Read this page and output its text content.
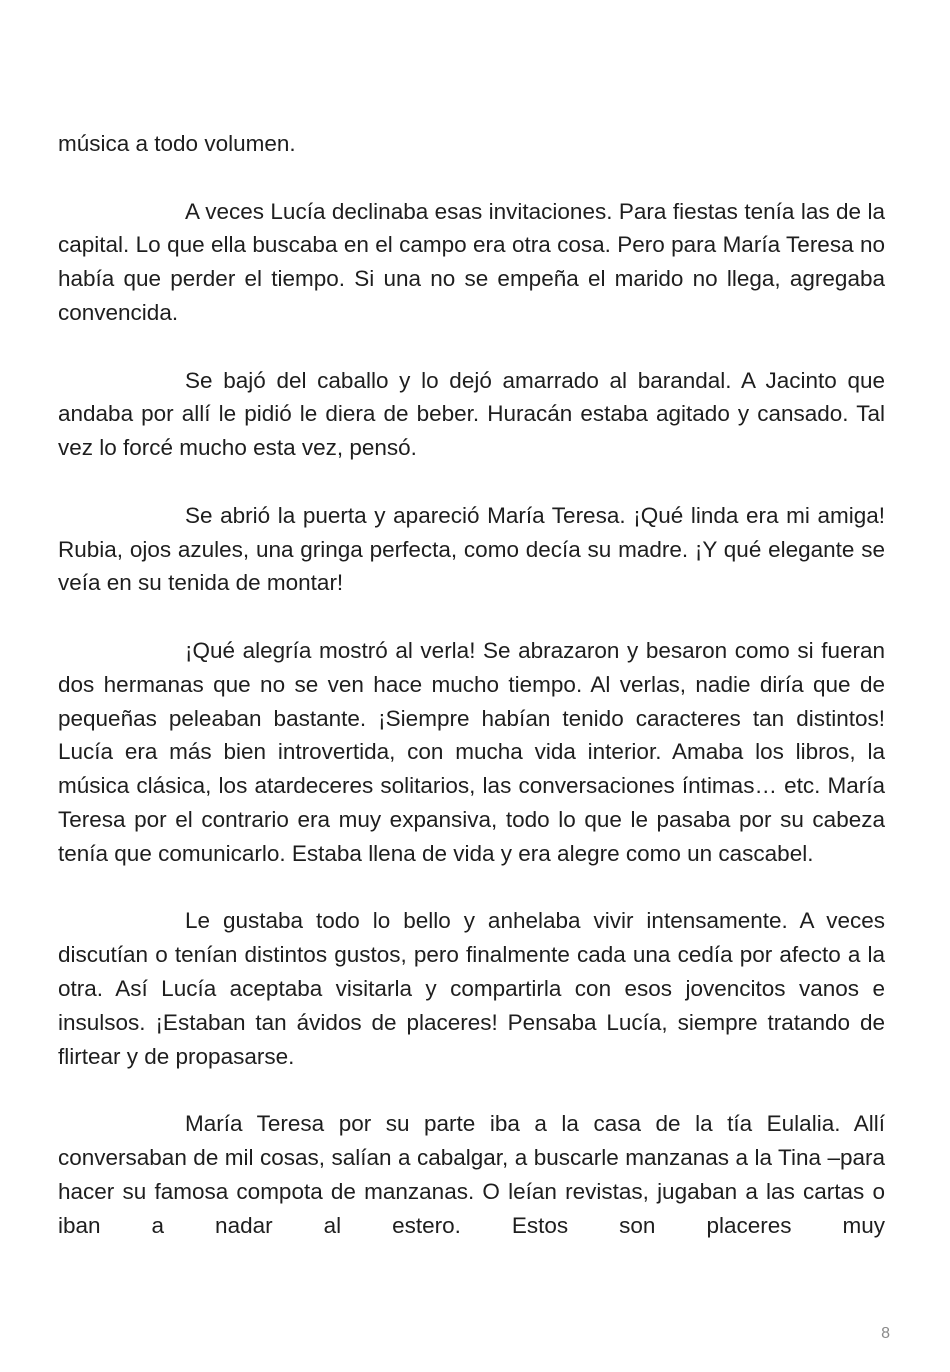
música a todo volumen.

A veces Lucía declinaba esas invitaciones. Para fiestas tenía las de la capital. Lo que ella buscaba en el campo era otra cosa. Pero para María Teresa no había que perder el tiempo. Si una no se empeña el marido no llega, agregaba convencida.

Se bajó del caballo y lo dejó amarrado al barandal. A Jacinto que andaba por allí le pidió le diera de beber. Huracán estaba agitado y cansado. Tal vez lo forcé mucho esta vez, pensó.

Se abrió la puerta y apareció María Teresa. ¡Qué linda era mi amiga! Rubia, ojos azules, una gringa perfecta, como decía su madre. ¡Y qué elegante se veía en su tenida de montar!

¡Qué alegría mostró al verla! Se abrazaron y besaron como si fueran dos hermanas que no se ven hace mucho tiempo. Al verlas, nadie diría que de pequeñas peleaban bastante. ¡Siempre habían tenido caracteres tan distintos! Lucía era más bien introvertida, con mucha vida interior. Amaba los libros, la música clásica, los atardeceres solitarios, las conversaciones íntimas… etc. María Teresa por el contrario era muy expansiva, todo lo que le pasaba por su cabeza tenía que comunicarlo. Estaba llena de vida y era alegre como un cascabel.

Le gustaba todo lo bello y anhelaba vivir intensamente. A veces discutían o tenían distintos gustos, pero finalmente cada una cedía por afecto a la otra. Así Lucía aceptaba visitarla y compartirla con esos jovencitos vanos e insulsos. ¡Estaban tan ávidos de placeres! Pensaba Lucía, siempre tratando de flirtear y de propasarse.

María Teresa por su parte iba a la casa de la tía Eulalia. Allí conversaban de mil cosas, salían a cabalgar, a buscarle manzanas a la Tina –para hacer su famosa compota de manzanas. O leían revistas, jugaban a las cartas o iban a nadar al estero. Estos son placeres muy

8
